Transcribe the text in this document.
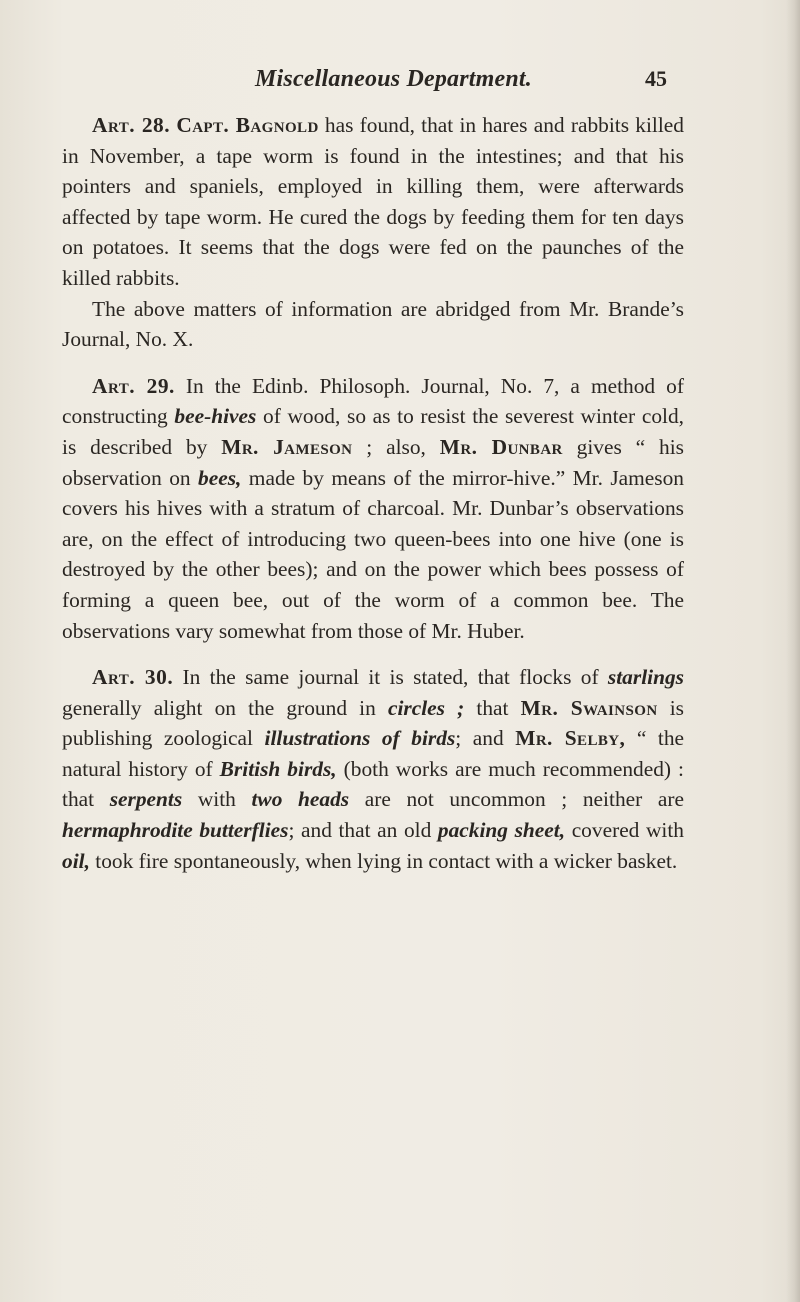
Miscellaneous Department.	45

Art. 28. Capt. Bagnold has found, that in hares and rabbits killed in November, a tape worm is found in the intestines; and that his pointers and spaniels, employed in killing them, were afterwards affected by tape worm. He cured the dogs by feeding them for ten days on potatoes. It seems that the dogs were fed on the paunches of the killed rabbits.

The above matters of information are abridged from Mr. Brande’s Journal, No. X.

Art. 29. In the Edinb. Philosoph. Journal, No. 7, a method of constructing bee-hives of wood, so as to resist the severest winter cold, is described by Mr. Jameson ; also, Mr. Dunbar gives “ his observation on bees, made by means of the mirror-hive.” Mr. Jameson covers his hives with a stratum of charcoal. Mr. Dunbar’s observations are, on the effect of introducing two queen-bees into one hive (one is destroyed by the other bees); and on the power which bees possess of forming a queen bee, out of the worm of a common bee. The observations vary somewhat from those of Mr. Huber.

Art. 30. In the same journal it is stated, that flocks of starlings generally alight on the ground in circles ; that Mr. Swainson is publishing zoological illustrations of birds; and Mr. Selby, “ the natural history of British birds, (both works are much recommended) : that serpents with two heads are not uncommon ; neither are hermaphrodite butterflies; and that an old packing sheet, covered with oil, took fire spontaneously, when lying in contact with a wicker basket.
